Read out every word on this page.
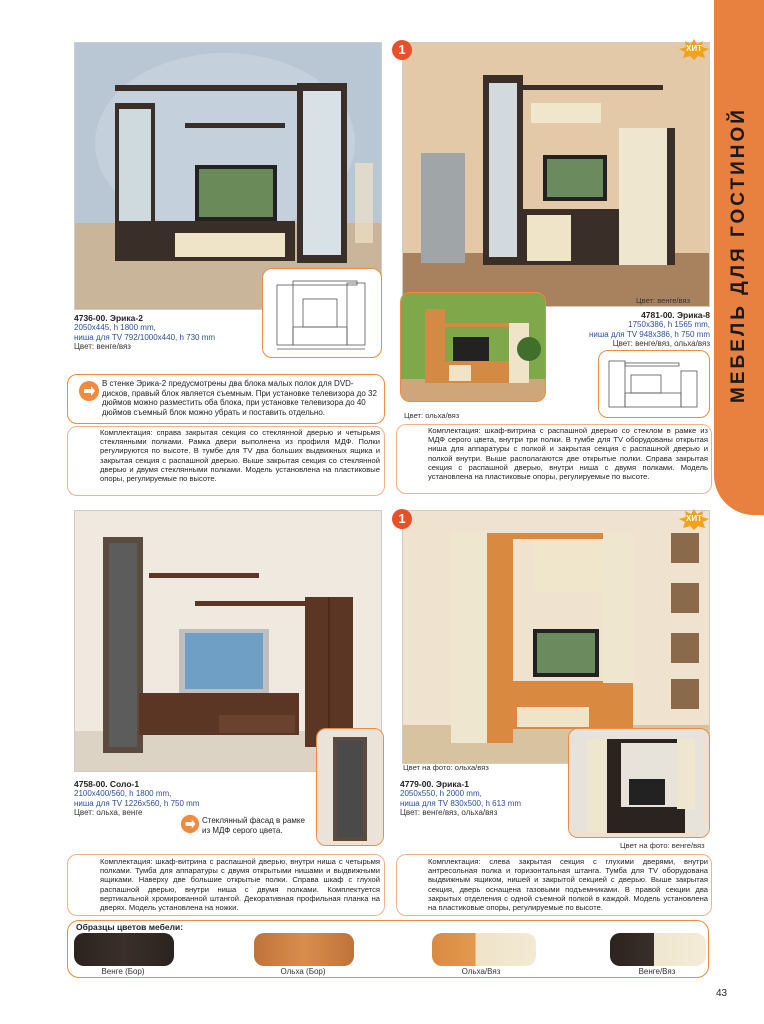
МЕБЕЛЬ ДЛЯ ГОСТИНОЙ
4736-00. Эрика-2
2050x445, h 1800 mm,
ниша для TV 792/1000x440, h 730 mm
Цвет: венге/вяз
В стенке Эрика-2 предусмотрены два блока малых полок для DVD-дисков, правый блок является съемным. При установке телевизора до 32 дюймов можно разместить оба блока, при установке телевизора до 40 дюймов съемный блок можно убрать и поставить отдельно.
Комплектация: справа закрытая секция со стеклянной дверью и четырьмя стеклянными полками. Рамка двери выполнена из профиля МДФ. Полки регулируются по высоте. В тумбе для TV два больших выдвижных ящика и закрытая секция с распашной дверью. Выше закрытая секция со стеклянной дверью и двумя стеклянными полками. Модель установлена на пластиковые опоры, регулируемые по высоте.
1	ХИТ
Цвет: венге/вяз
Цвет: ольха/вяз
4781-00. Эрика-8
1750x386, h 1565 mm,
ниша для TV 948x386, h 750 mm
Цвет: венге/вяз, ольха/вяз
Комплектация: шкаф-витрина с распашной дверью со стеклом в рамке из МДФ серого цвета, внутри три полки. В тумбе для TV оборудованы открытая ниша для аппаратуры с полкой и закрытая секция с распашной дверью и полкой внутри. Выше располагаются две открытые полки. Справа закрытая секция с распашной дверью, внутри ниша с двумя полками. Модель установлена на пластиковые опоры, регулируемые по высоте.
4758-00. Соло-1
2100x400/560, h 1800 mm,
ниша для TV 1226x560, h 750 mm
Цвет: ольха, венге
Стеклянный фасад в рамке из МДФ серого цвета.
Комплектация: шкаф-витрина с распашной дверью, внутри ниша с четырьмя полками. Тумба для аппаратуры с двумя открытыми нишами и выдвижными ящиками. Наверху две большие открытые полки. Справа шкаф с глухой распашной дверью, внутри ниша с двумя полками. Комплектуется вертикальной хромированной штангой. Декоративная профильная планка на дверях. Модель установлена на ножки.
1	ХИТ
Цвет на фото: ольха/вяз
Цвет на фото: венге/вяз
4779-00. Эрика-1
2050x550, h 2000 mm,
ниша для TV 830x500, h 613 mm
Цвет: венге/вяз, ольха/вяз
Комплектация: слева закрытая секция с глухими дверями, внутри антресольная полка и горизонтальная штанга. Тумба для TV оборудована выдвижным ящиком, нишей и закрытой секцией с дверью. Выше закрытая секция, дверь оснащена газовыми подъемниками. В правой секции два закрытых отделения с одной съемной полкой в каждой. Модель установлена на пластиковые опоры, регулируемые по высоте.
Образцы цветов мебели:
Венге (Бор)	Ольха (Бор)	Ольха/Вяз	Венге/Вяз
43
